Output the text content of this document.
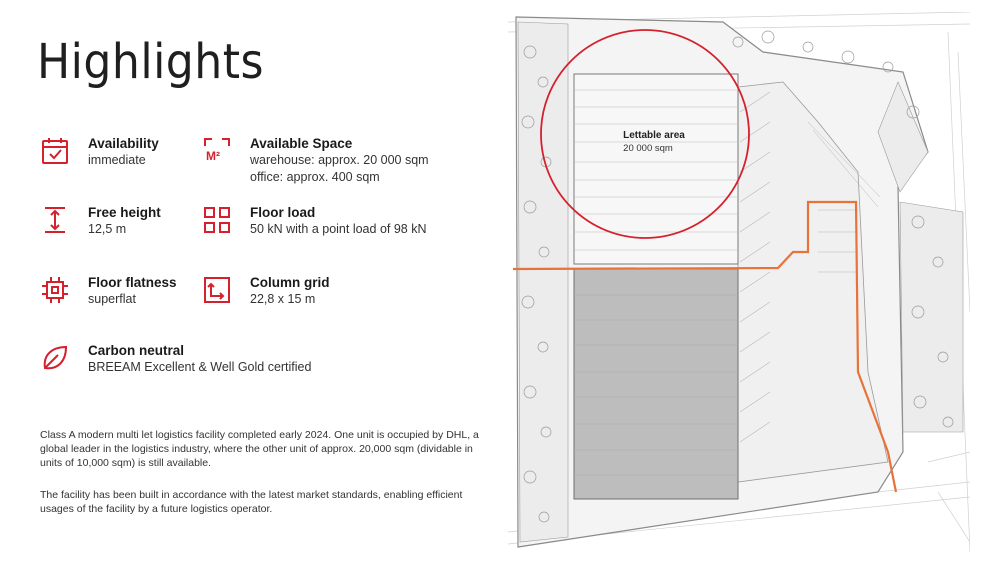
Highlights
Availability
immediate	M²
Available Space
warehouse: approx. 20 000 sqm
office: approx. 400 sqm
Free height
12,5 m
Floor load
50 kN with a point load of 98 kN
Floor flatness
superflat
Column grid
22,8 x 15 m
Carbon neutral
BREEAM Excellent & Well Gold certified
Class A modern multi let logistics facility completed early 2024. One unit is occupied by DHL, a global leader in the logistics industry, where the other unit of approx. 20,000 sqm (dividable in units of 10,000 sqm) is still available.
The facility has been built in accordance with the latest market standards, enabling efficient usages of the facility by a future logistics operator.
Lettable area
20 000 sqm
